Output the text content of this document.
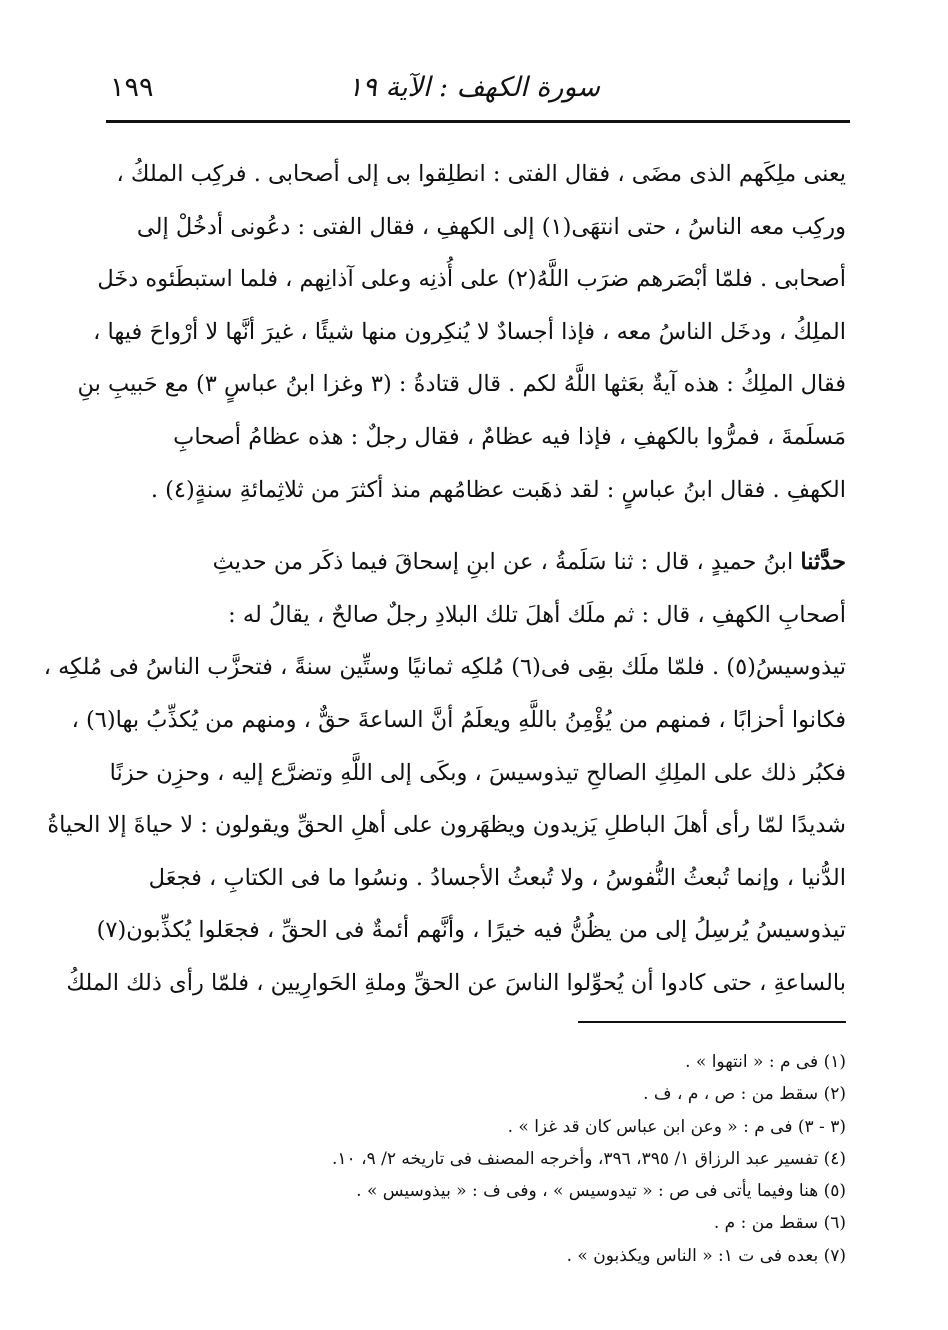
سورة الكهف : الآية ١٩
١٩٩

يعنى ملِكَهم الذى مضَى ، فقال الفتى : انطلِقوا بى إلى أصحابى . فركِب الملكُ ،
وركِب معه الناسُ ، حتى انتهَى(١) إلى الكهفِ ، فقال الفتى : دعُونى أدخُلْ إلى
أصحابى . فلمّا أبْصَرهم ضرَب اللَّهُ(٢) على أُذنِه وعلى آذانِهم ، فلما استبطَئوه دخَل
الملِكُ ، ودخَل الناسُ معه ، فإذا أجسادٌ لا يُنكِرون منها شيئًا ، غيرَ أنَّها لا أرْواحَ فيها ،
فقال الملِكُ : هذه آيةٌ بعَثها اللَّهُ لكم . قال قتادةُ : (٣ وغزا ابنُ عباسٍ ٣) مع حَبيبِ بنِ
مَسلَمةَ ، فمرُّوا بالكهفِ ، فإذا فيه عظامٌ ، فقال رجلٌ : هذه عظامُ أصحابِ
الكهفِ . فقال ابنُ عباسٍ : لقد ذهَبت عظامُهم منذ أكثرَ من ثلاثِمائةِ سنةٍ(٤) .

حدَّثنا ابنُ حميدٍ ، قال : ثنا سَلَمةُ ، عن ابنِ إسحاقَ فيما ذكَر من حديثِ
أصحابِ الكهفِ ، قال : ثم ملَك أهلَ تلك البلادِ رجلٌ صالحٌ ، يقالُ له :
تيذوسيسُ(٥) . فلمّا ملَك بقِى فى(٦) مُلكِه ثمانيًا وستِّين سنةً ، فتحزَّب الناسُ فى مُلكِه ،
فكانوا أحزابًا ، فمنهم من يُؤْمِنُ باللَّهِ ويعلَمُ أنَّ الساعةَ حقٌّ ، ومنهم من يُكذِّبُ بها(٦) ،
فكبُر ذلك على الملِكِ الصالحِ تيذوسيسَ ، وبكَى إلى اللَّهِ وتضرَّع إليه ، وحزِن حزنًا
شديدًا لمّا رأى أهلَ الباطلِ يَزيدون ويظهَرون على أهلِ الحقِّ ويقولون : لا حياةَ إلا الحياةُ
الدُّنيا ، وإنما تُبعثُ النُّفوسُ ، ولا تُبعثُ الأجسادُ . ونسُوا ما فى الكتابِ ، فجعَل
تيذوسيسُ يُرسِلُ إلى من يظُنُّ فيه خيرًا ، وأنَّهم أئمةٌ فى الحقِّ ، فجعَلوا يُكذِّبون(٧)
بالساعةِ ، حتى كادوا أن يُحوِّلوا الناسَ عن الحقِّ وملةِ الحَوارِيين ، فلمّا رأى ذلك الملكُ

(١) فى م : « انتهوا » .
(٢) سقط من : ص ، م ، ف .
(٣ - ٣) فى م : « وعن ابن عباس كان قد غزا » .
(٤) تفسير عبد الرزاق ١/ ٣٩٥، ٣٩٦، وأخرجه المصنف فى تاريخه ٢/ ٩، ١٠.
(٥) هنا وفيما يأتى فى ص : « تيدوسيس » ، وفى ف : « بيذوسيس » .
(٦) سقط من : م .
(٧) بعده فى ت ١: « الناس ويكذبون » .
